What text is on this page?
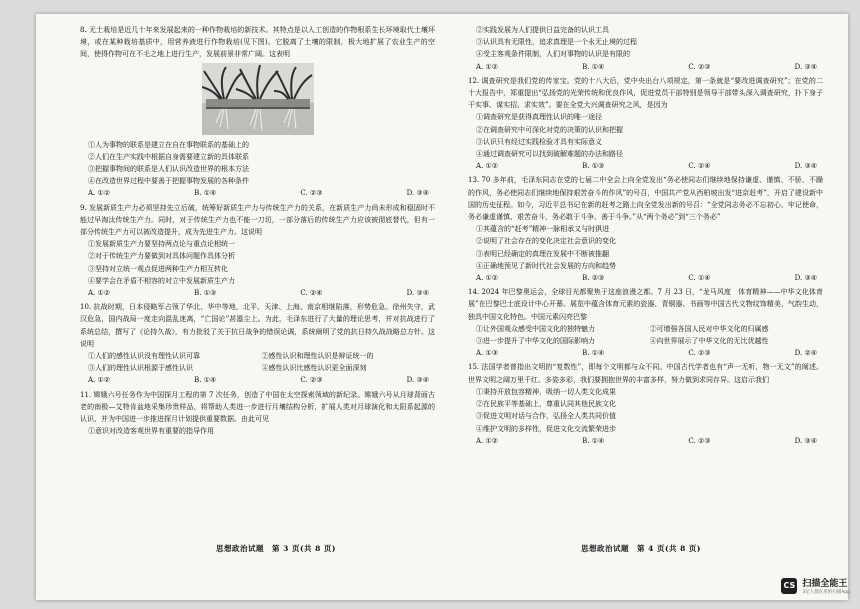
8. 无土栽培是近几十年来发展起来的一种作物栽培的新技术。其特点是以人工创造的作物根系生长环境取代土壤环境，或在某种栽培基质中，用营养液进行作物栽培(见下图)。它脱离了土壤的限制，极大地扩展了农业生产的空间，使得作物可在不毛之地上进行生产，发展前景非常广阔。这表明
①人为事物的联系是建立在自在事物联系的基础上的
②人们在生产实践中根据自身需要建立新的具体联系
③把握事物间的联系是人们认识改造世界的根本方法
④在改造世界过程中要善于把握事物发展的各种条件
A. ①②	B. ①④	C. ②③	D. ③④
9. 发展新质生产力必须坚持先立后破，统筹好新质生产力与传统生产力的关系，在新质生产力尚未形成和稳固时不能过早淘汰传统生产力。同时，对于传统生产力也不能一刀切，一部分落后的传统生产力应该被彻底替代，但有一部分传统生产力可以被改造提升，成为先进生产力。这说明
①发展新质生产力要坚持两点论与重点论相统一
②对于传统生产力要做到对具体问题作具体分析
③坚持对立统一观点促进两种生产力相互转化
④要学会在矛盾不相容的对立中发展新质生产力
A. ①②	B. ①③	C. ②④	D. ③④
10. 抗战时期，日本侵略军占领了华北、华中等地，北平、天津、上海、南京相继陷落，形势危急。徐州失守，武汉危急，国内战局一度走向混乱迷离，“亡国论”甚嚣尘上。为此，毛泽东进行了大量的理论思考，并对抗战进行了系统总结，撰写了《论持久战》，有力批驳了关于抗日战争的错误论调，系统阐明了党的抗日持久战战略总方针。这说明
①人们的感性认识没有理性认识可靠	②感性认识和理性认识是辩证统一的
③人们的理性认识根源于感性认识	④感性认识比感性认识更全面深刻
A. ①②	B. ①④	C. ②③	D. ③④
11. 嫦娥六号任务作为中国探月工程的第 7 次任务，创造了中国在太空探索领域的新纪录。嫦娥六号从月球背面古老的南极—艾特肯盆地采集珍贵样品，将帮助人类进一步进行月壤结构分析，扩展人类对月球演化和太阳系起源的认识，并为中国进一步推进探月计划提供重要数据。由此可见
①意识对改造客观世界有重要的指导作用
②实践发展为人们提供日益完备的认识工具
③认识具有无限性，追求真理是一个永无止境的过程
④受主客观条件限制，人们对事物的认识是有限的
A. ①②	B. ①④	C. ②③	D. ③④
12. 调查研究是我们党的传家宝。党的十八大后，党中央出台八项规定，第一条就是“要改进调查研究”；在党的二十大报告中，郑重提出“弘扬党的光荣传统和优良作风，促进党员干部特别是领导干部带头深入调查研究，扑下身子干实事、谋实招、求实效”。要在全党大兴调查研究之风，是因为
①调查研究是获得真理性认识的唯一途径
②在调查研究中可深化对党的决策的认识和把握
③认识只有经过实践检验才具有实际意义
④通过调查研究可以找到破解难题的办法和路径
A. ①②	B. ①③	C. ②④	D. ③④
13. 70 多年前，毛泽东同志在党的七届二中全会上向全党发出“务必使同志们继续地保持谦虚、谨慎、不骄、不躁的作风，务必使同志们继续地保持艰苦奋斗的作风”的号召，中国共产党从西柏坡出发“进京赶考”，开启了建设新中国的历史征程。如今，习近平总书记在新的赶考之路上向全党发出新的号召：“全党同志务必不忘初心、牢记使命，务必谦虚谨慎、艰苦奋斗，务必敢于斗争、善于斗争。”从“两个务必”到“三个务必”
①其蕴含的“赶考”精神一脉相承又与时俱进
②说明了社会存在的变化决定社会意识的变化
③表明已经确定的真理在发展中不断被推翻
④正确地预见了新时代社会发展的方向和趋势
A. ①②	B. ②③	C. ①④	D. ③④
14. 2024 年巴黎奥运会，全球目光都聚焦于这座浪漫之都。7 月 23 日，“龙马风度　体育精神——中华文化体育展”在巴黎巴士底设计中心开幕。展览中蕴含体育元素的瓷器、青铜器、书画等中国古代文物纹饰精美、气韵生动，独具中国文化特色。中国元素闪亮巴黎
①让外国观众感受中国文化的独特魅力	②可增强各国人民对中华文化的归属感
③进一步提升了中华文化的国际影响力	④向世界展示了中华文化的无比优越性
A. ①③	B. ①④	C. ②③	D. ②④
15. 法国学者曾指出文明的“复数性”，即每个文明都与众不同。中国古代学者也有“声一无听，物一无文”的阐述。世界文明之阔万里千红、多姿多彩，我们要拥抱世界的丰富多样，努力做到求同存异。这启示我们
①秉持开放包容精神，吸纳一切人类文化成果
②在民族平等基础上，尊重认同其他民族文化
③促进文明对话与合作，弘扬全人类共同价值
④维护文明的多样性，促进文化交流繁荣进步
A. ①②	B. ①④	C. ②③	D. ③④
思想政治试题　第 3 页(共 8 页)	思想政治试题　第 4 页(共 8 页)
CS 扫描全能王
3亿人都在用的扫描App
